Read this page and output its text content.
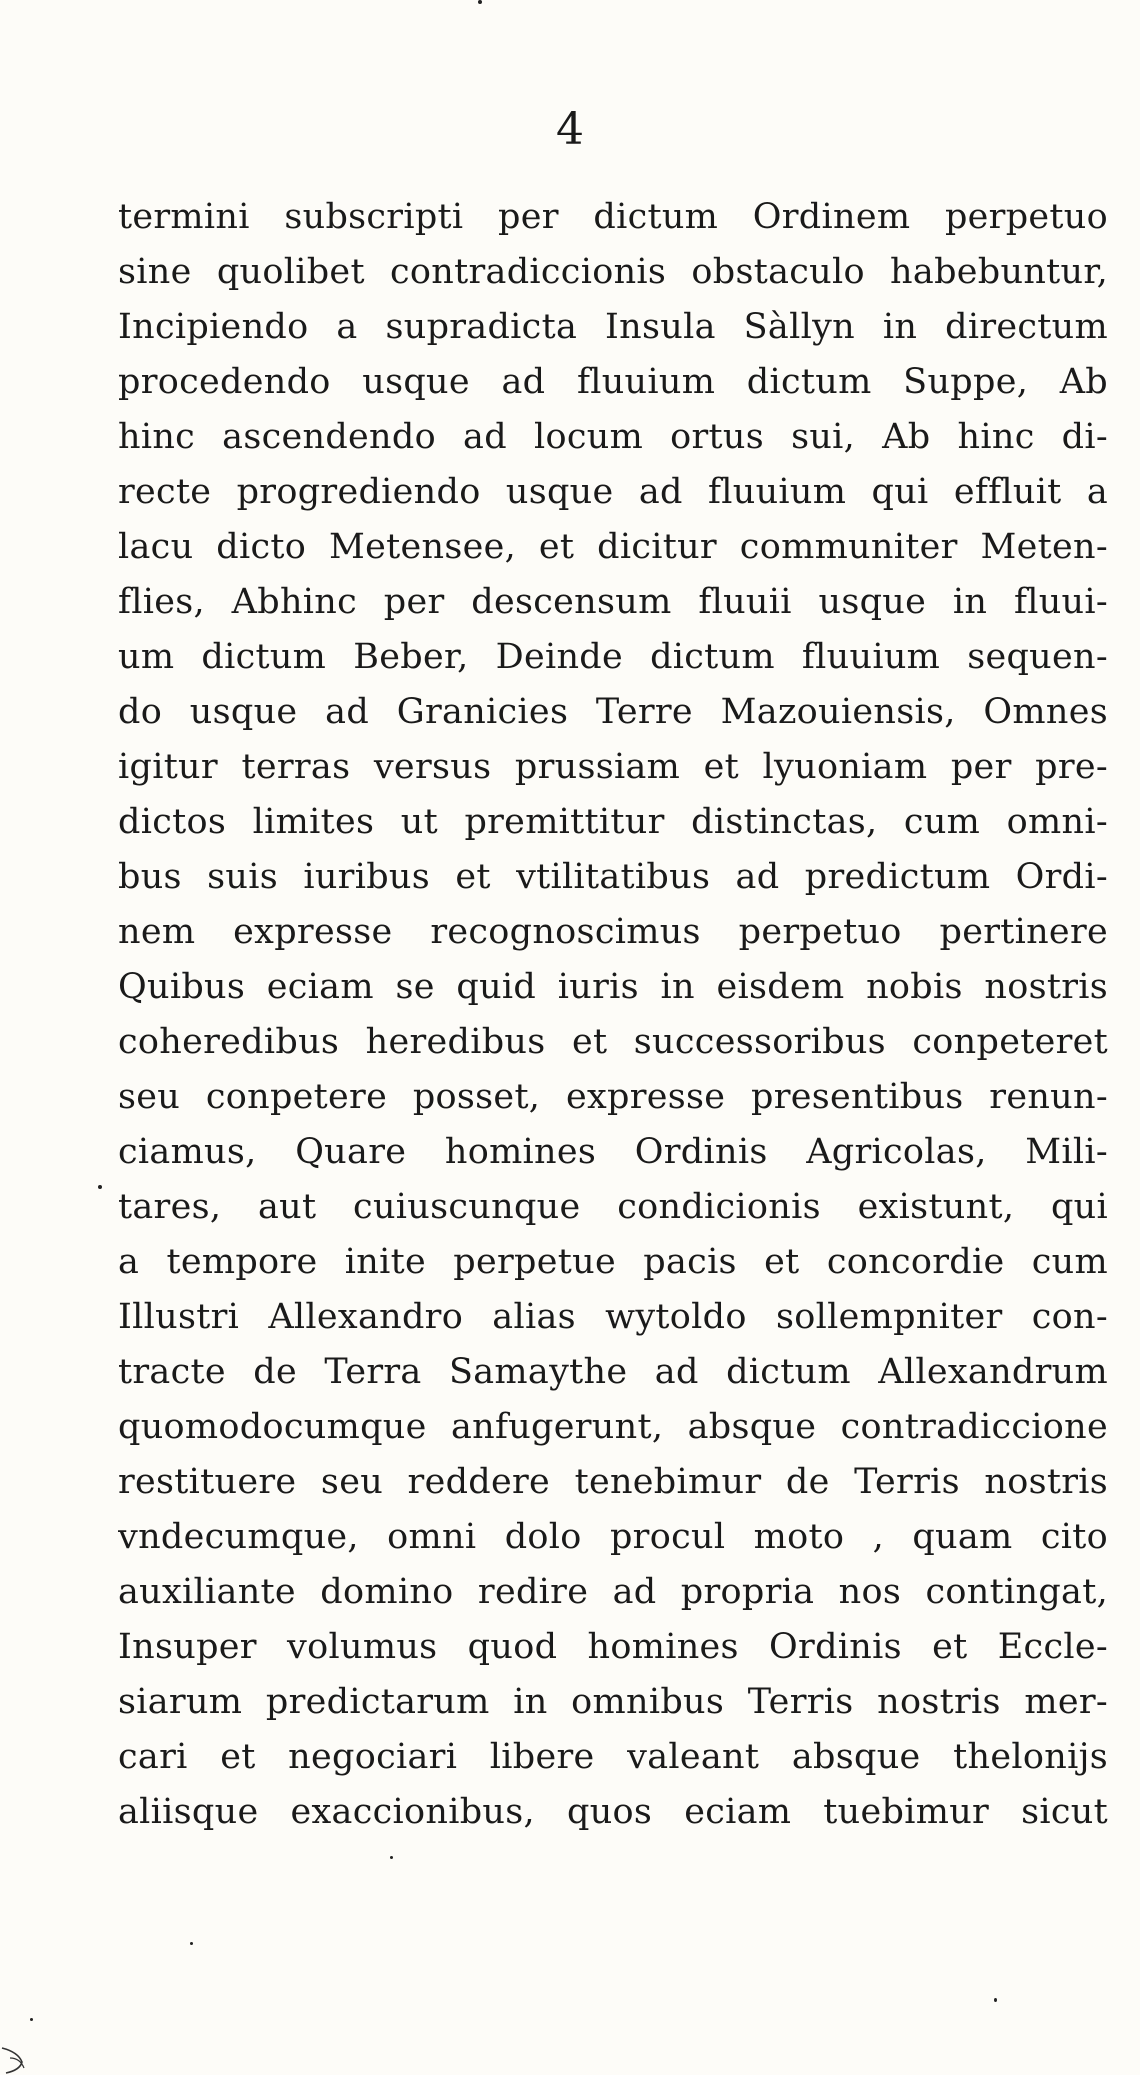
4
termini subscripti per dictum Ordinem perpetuo
sine quolibet contradiccionis obstaculo habebuntur,
Incipiendo a supradicta Insula Sàllyn in directum
procedendo usque ad fluuium dictum Suppe, Ab
hinc ascendendo ad locum ortus sui, Ab hinc di-
recte progrediendo usque ad fluuium qui effluit a
lacu dicto Metensee, et dicitur communiter Meten-
flies, Abhinc per descensum fluuii usque in fluui-
um dictum Beber, Deinde dictum fluuium sequen-
do usque ad Granicies Terre Mazouiensis, Omnes
igitur terras versus prussiam et lyuoniam per pre-
dictos limites ut premittitur distinctas, cum omni-
bus suis iuribus et vtilitatibus ad predictum Ordi-
nem expresse recognoscimus perpetuo pertinere
Quibus eciam se quid iuris in eisdem nobis nostris
coheredibus heredibus et successoribus conpeteret
seu conpetere posset, expresse presentibus renun-
ciamus, Quare homines Ordinis Agricolas, Mili-
tares, aut cuiuscunque condicionis existunt, qui
a tempore inite perpetue pacis et concordie cum
Illustri Allexandro alias wytoldo sollempniter con-
tracte de Terra Samaythe ad dictum Allexandrum
quomodocumque anfugerunt, absque contradiccione
restituere seu reddere tenebimur de Terris nostris
vndecumque, omni dolo procul moto , quam cito
auxiliante domino redire ad propria nos contingat,
Insuper volumus quod homines Ordinis et Eccle-
siarum predictarum in omnibus Terris nostris mer-
cari et negociari libere valeant absque thelonijs
aliisque exaccionibus, quos eciam tuebimur sicut
